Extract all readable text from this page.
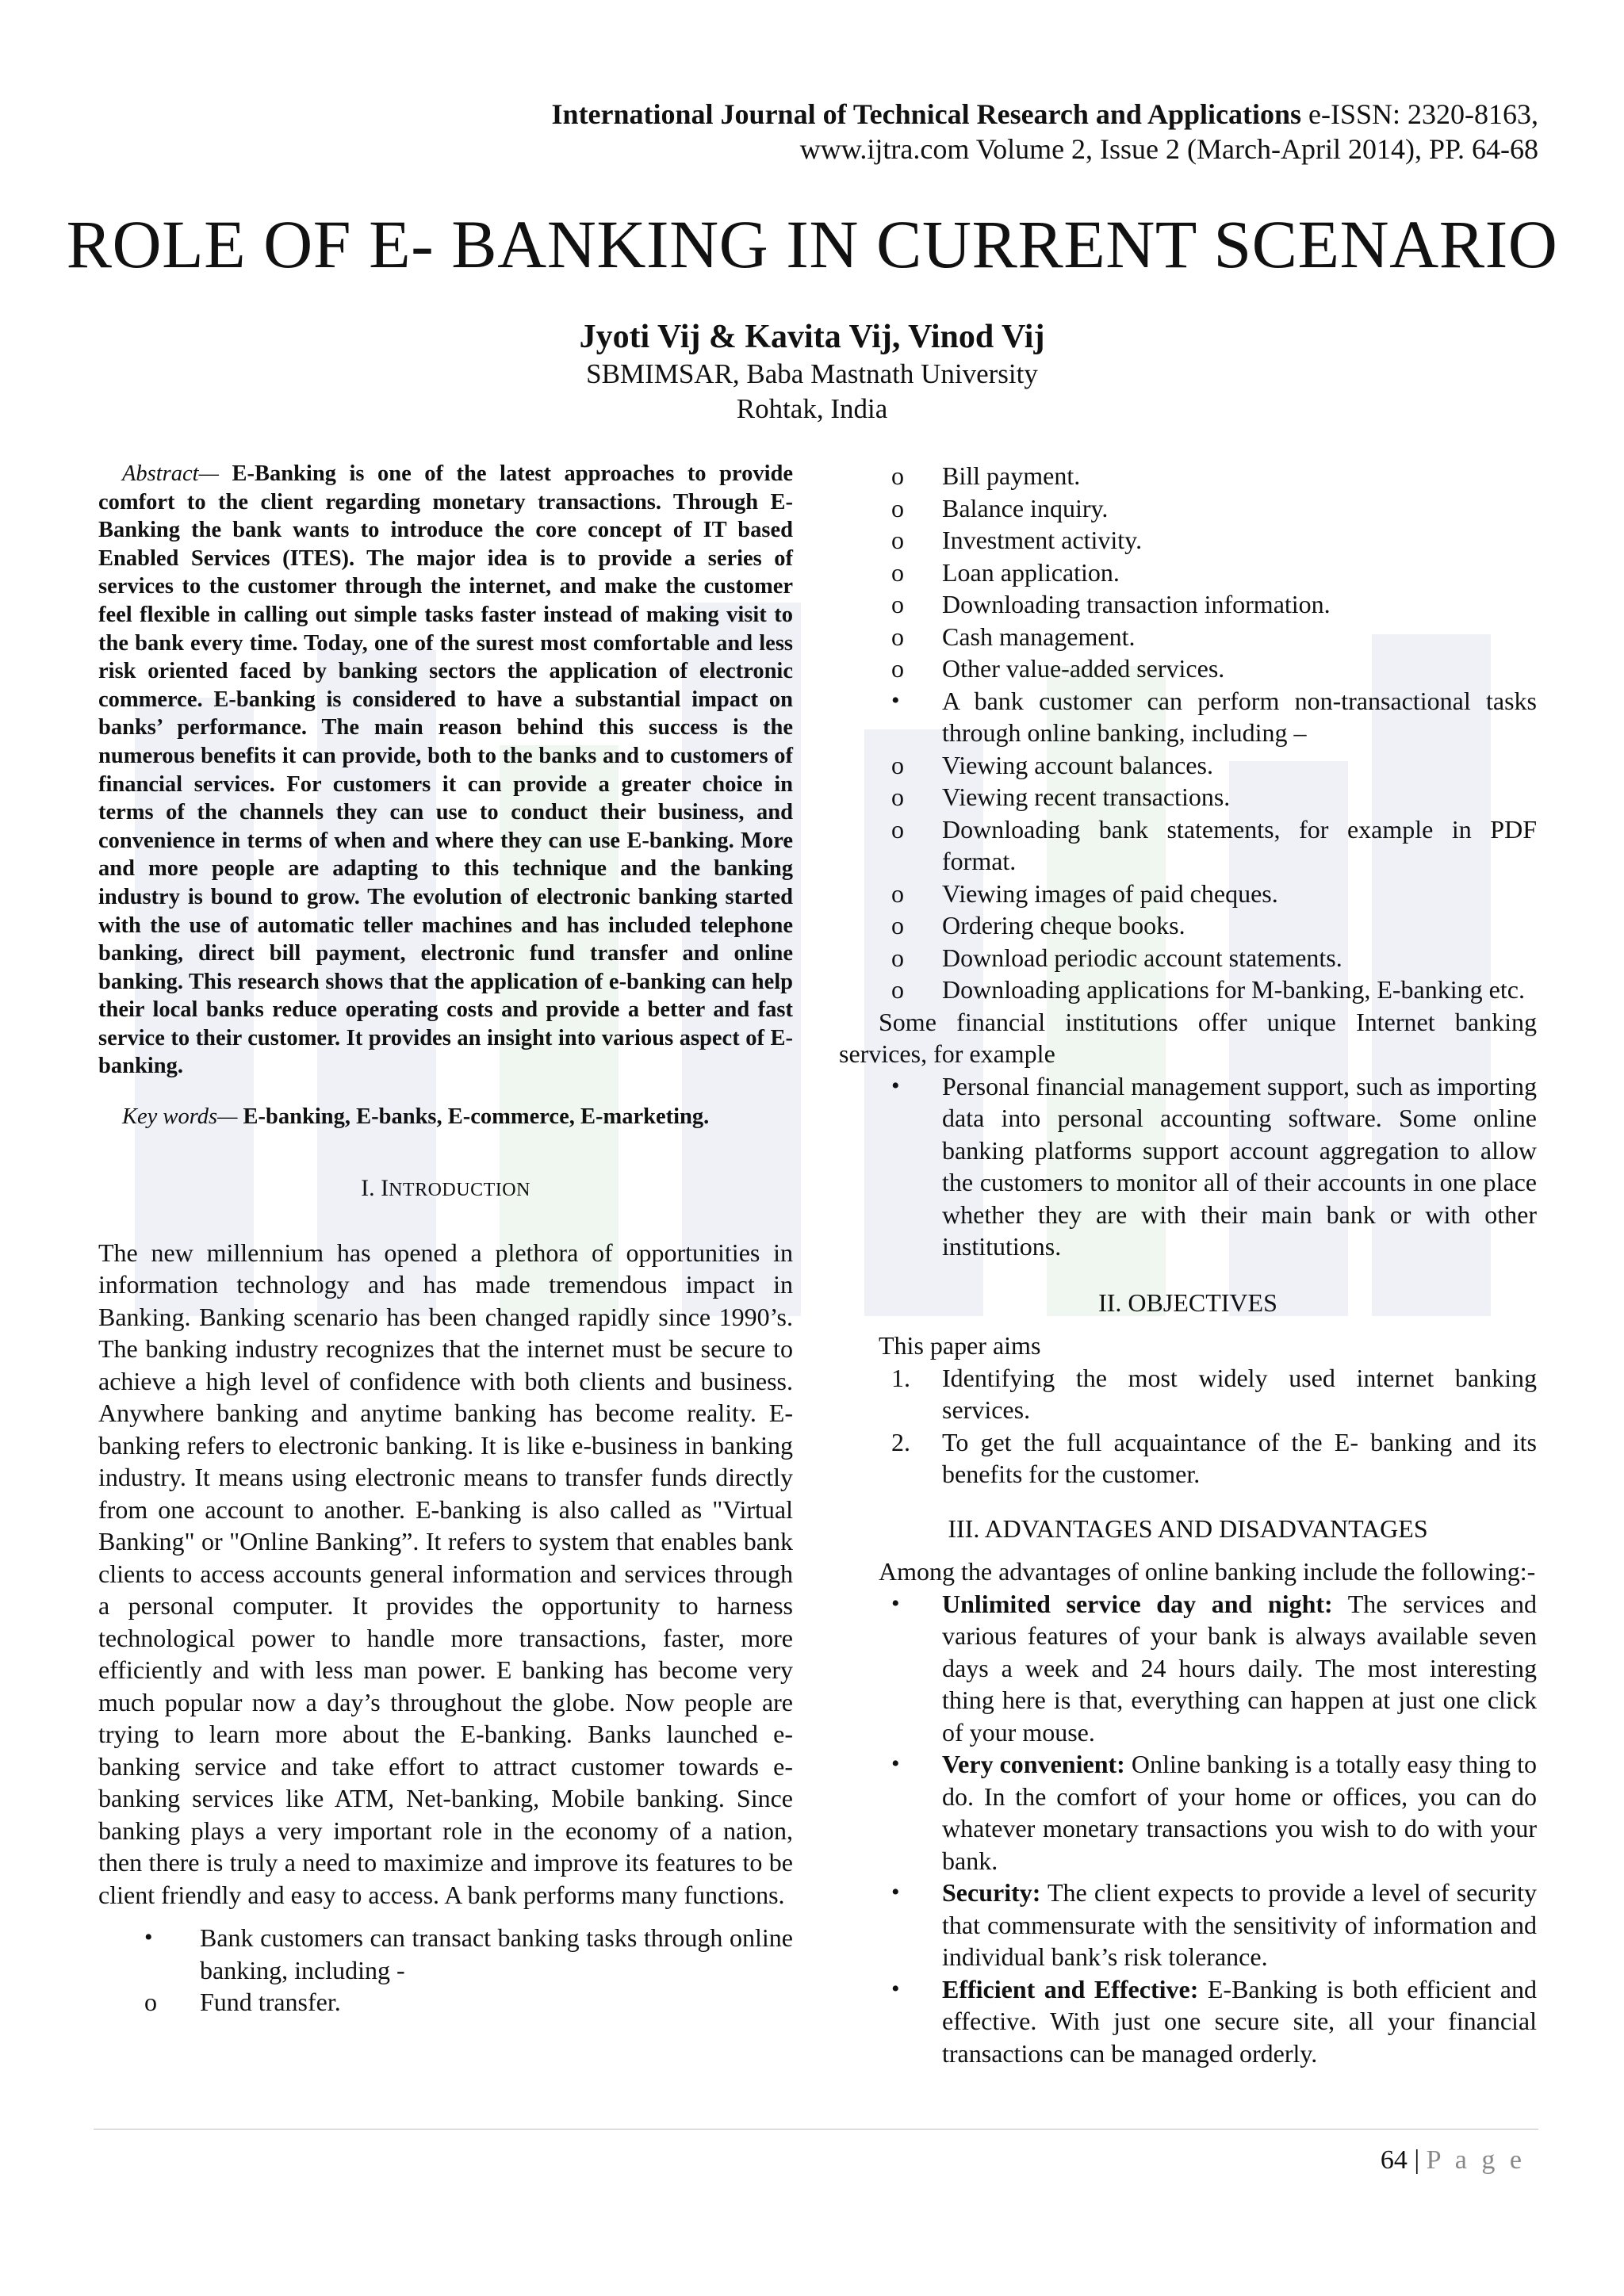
International Journal of Technical Research and Applications e-ISSN: 2320-8163,
www.ijtra.com Volume 2, Issue 2 (March-April 2014), PP. 64-68
ROLE OF E- BANKING IN CURRENT SCENARIO
Jyoti Vij & Kavita Vij, Vinod Vij
SBMIMSAR, Baba Mastnath University
Rohtak, India

Abstract— E-Banking is one of the latest approaches to provide comfort to the client regarding monetary transactions. Through E-Banking the bank wants to introduce the core concept of IT based Enabled Services (ITES). The major idea is to provide a series of services to the customer through the internet, and make the customer feel flexible in calling out simple tasks faster instead of making visit to the bank every time. Today, one of the surest most comfortable and less risk oriented faced by banking sectors the application of electronic commerce. E-banking is considered to have a substantial impact on banks’ performance. The main reason behind this success is the numerous benefits it can provide, both to the banks and to customers of financial services. For customers it can provide a greater choice in terms of the channels they can use to conduct their business, and convenience in terms of when and where they can use E-banking. More and more people are adapting to this technique and the banking industry is bound to grow. The evolution of electronic banking started with the use of automatic teller machines and has included telephone banking, direct bill payment, electronic fund transfer and online banking. This research shows that the application of e-banking can help their local banks reduce operating costs and provide a better and fast service to their customer. It provides an insight into various aspect of E-banking.

Key words— E-banking, E-banks, E-commerce, E-marketing.

I. INTRODUCTION

The new millennium has opened a plethora of opportunities in information technology and has made tremendous impact in Banking. Banking scenario has been changed rapidly since 1990’s. The banking industry recognizes that the internet must be secure to achieve a high level of confidence with both clients and business. Anywhere banking and anytime banking has become reality. E-banking refers to electronic banking. It is like e-business in banking industry. It means using electronic means to transfer funds directly from one account to another. E-banking is also called as "Virtual Banking" or "Online Banking”. It refers to system that enables bank clients to access accounts general information and services through a personal computer. It provides the opportunity to harness technological power to handle more transactions, faster, more efficiently and with less man power. E banking has become very much popular now a day’s throughout the globe. Now people are trying to learn more about the E-banking. Banks launched e-banking service and take effort to attract customer towards e-banking services like ATM, Net-banking, Mobile banking. Since banking plays a very important role in the economy of a nation, then there is truly a need to maximize and improve its features to be client friendly and easy to access. A bank performs many functions.

• Bank customers can transact banking tasks through online banking, including -
o Fund transfer.
o Bill payment.
o Balance inquiry.
o Investment activity.
o Loan application.
o Downloading transaction information.
o Cash management.
o Other value-added services.
• A bank customer can perform non-transactional tasks through online banking, including –
o Viewing account balances.
o Viewing recent transactions.
o Downloading bank statements, for example in PDF format.
o Viewing images of paid cheques.
o Ordering cheque books.
o Download periodic account statements.
o Downloading applications for M-banking, E-banking etc.

Some financial institutions offer unique Internet banking services, for example

• Personal financial management support, such as importing data into personal accounting software. Some online banking platforms support account aggregation to allow the customers to monitor all of their accounts in one place whether they are with their main bank or with other institutions.

II. OBJECTIVES

This paper aims

1. Identifying the most widely used internet banking services.
2. To get the full acquaintance of the E- banking and its benefits for the customer.

III. ADVANTAGES AND DISADVANTAGES

Among the advantages of online banking include the following:-

• Unlimited service day and night: The services and various features of your bank is always available seven days a week and 24 hours daily. The most interesting thing here is that, everything can happen at just one click of your mouse.
• Very convenient: Online banking is a totally easy thing to do. In the comfort of your home or offices, you can do whatever monetary transactions you wish to do with your bank.
• Security: The client expects to provide a level of security that commensurate with the sensitivity of information and individual bank’s risk tolerance.
• Efficient and Effective: E-Banking is both efficient and effective. With just one secure site, all your financial transactions can be managed orderly.
64 | P a g e
